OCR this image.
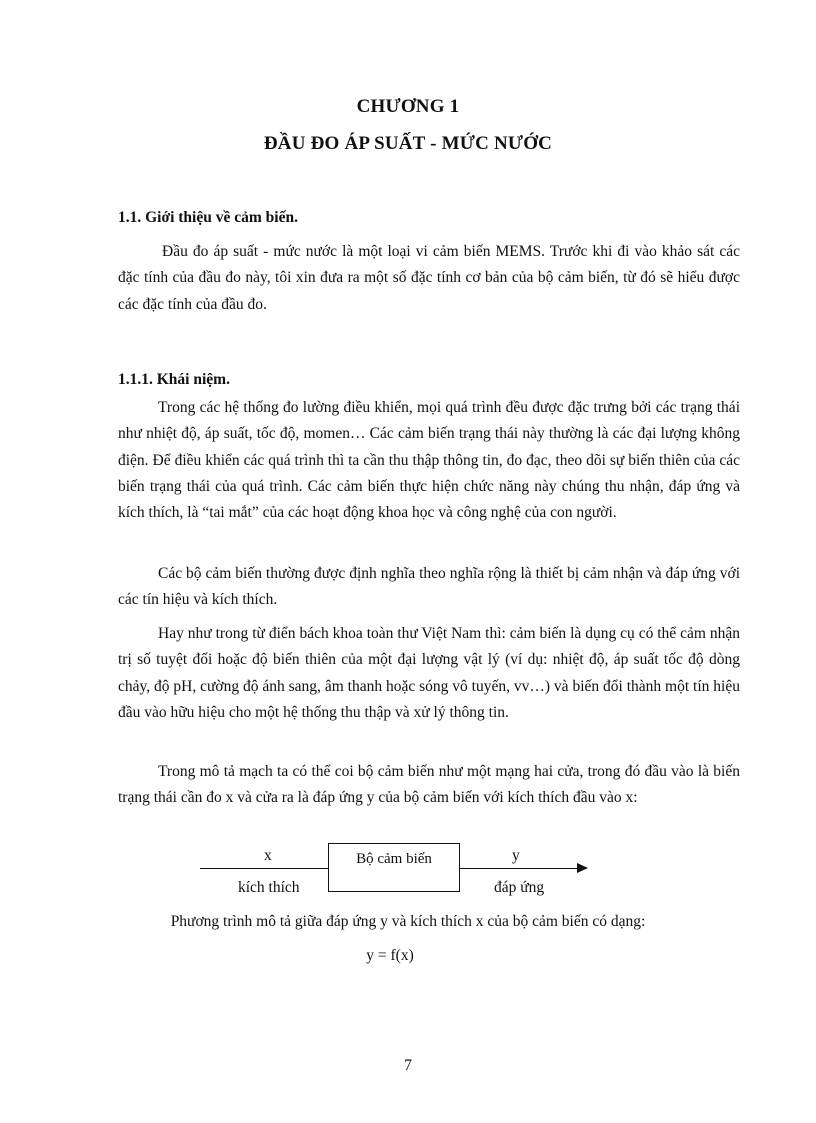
CHƯƠNG 1
ĐẦU ĐO ÁP SUẤT - MỨC NƯỚC
1.1. Giới thiệu về cảm biến.

Đầu đo áp suất - mức nước là một loại vi cảm biến MEMS. Trước khi đi vào khảo sát các đặc tính của đầu đo này, tôi xin đưa ra một số đặc tính cơ bản của bộ cảm biến, từ đó sẽ hiểu được các đặc tính của đầu đo.

1.1.1. Khái niệm.

Trong các hệ thống đo lường điều khiển, mọi quá trình đều được đặc trưng bởi các trạng thái như nhiệt độ, áp suất, tốc độ, momen… Các cảm biến trạng thái này thường là các đại lượng không điện. Để điều khiển các quá trình thì ta cần thu thập thông tin, đo đạc, theo dõi sự biến thiên của các biến trạng thái của quá trình. Các cảm biến thực hiện chức năng này chúng thu nhận, đáp ứng và kích thích, là “tai mắt” của các hoạt động khoa học và công nghệ của con người.

Các bộ cảm biến thường được định nghĩa theo nghĩa rộng là thiết bị cảm nhận và đáp ứng với các tín hiệu và kích thích.

Hay như trong từ điển bách khoa toàn thư Việt Nam thì: cảm biến là dụng cụ có thể cảm nhận trị số tuyệt đối hoặc độ biến thiên của một đại lượng vật lý (ví dụ: nhiệt độ, áp suất tốc độ dòng chảy, độ pH, cường độ ánh sang, âm thanh hoặc sóng vô tuyến, vv…) và biến đổi thành một tín hiệu đầu vào hữu hiệu cho một hệ thống thu thập và xử lý thông tin.

Trong mô tả mạch ta có thể coi bộ cảm biến như một mạng hai cửa, trong đó đầu vào là biến trạng thái cần đo x và cửa ra là đáp ứng y của bộ cảm biến với kích thích đầu vào x:

x
kích thích
Bộ cảm biến	y
đáp ứng
Phương trình mô tả giữa đáp ứng y và kích thích x của bộ cảm biến có dạng:
y = f(x)
7
